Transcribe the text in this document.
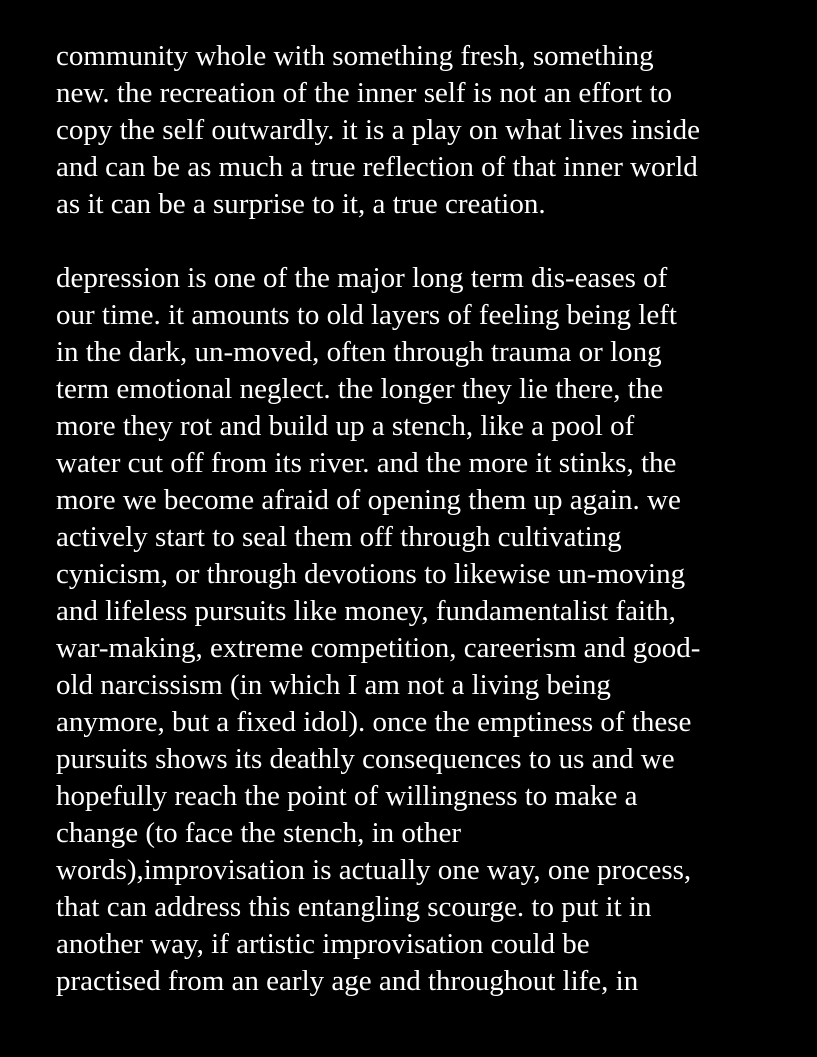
community whole with something fresh, something
new. the recreation of the inner self is not an effort to
copy the self outwardly. it is a play on what lives inside
and can be as much a true reflection of that inner world
as it can be a surprise to it, a true creation.

depression is one of the major long term dis-eases of
our time. it amounts to old layers of feeling being left
in the dark, un-moved, often through trauma or long
term emotional neglect. the longer they lie there, the
more they rot and build up a stench, like a pool of
water cut off from its river. and the more it stinks, the
more we become afraid of opening them up again. we
actively start to seal them off through cultivating
cynicism, or through devotions to likewise un-moving
and lifeless pursuits like money, fundamentalist faith,
war-making, extreme competition, careerism and good-
old narcissism (in which I am not a living being
anymore, but a fixed idol). once the emptiness of these
pursuits shows its deathly consequences to us and we
hopefully reach the point of willingness to make a
change (to face the stench, in other
words),improvisation is actually one way, one process,
that can address this entangling scourge. to put it in
another way, if artistic improvisation could be
practised from an early age and throughout life, in
